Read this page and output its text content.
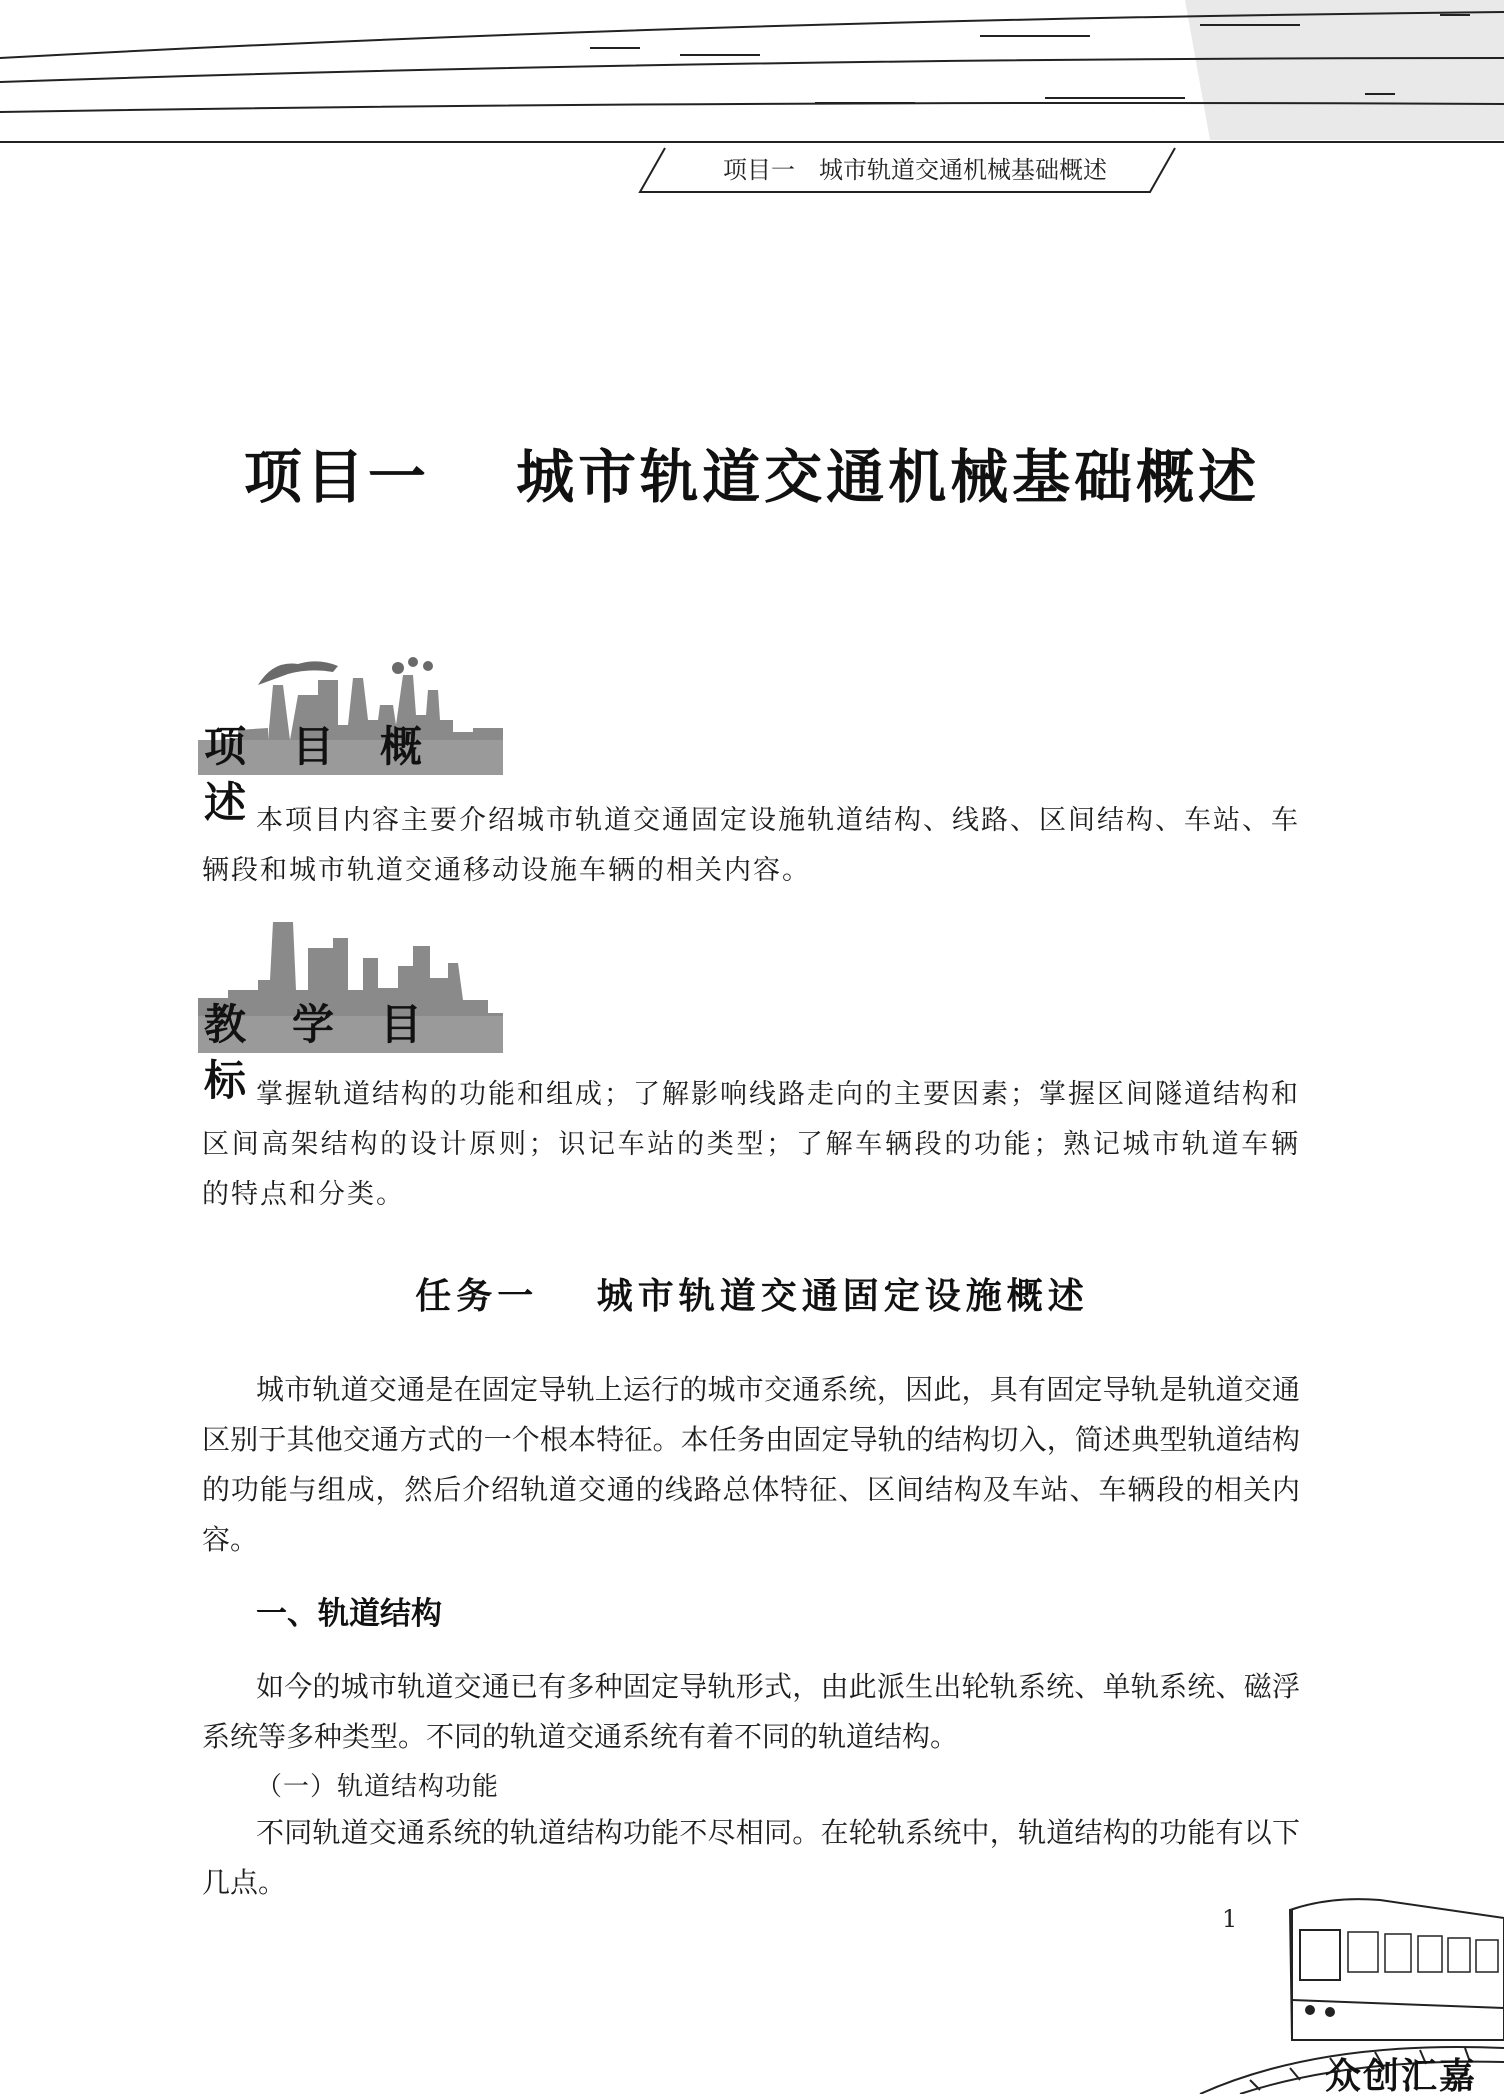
项目一　城市轨道交通机械基础概述
项目一　 城市轨道交通机械基础概述
项目概述
本项目内容主要介绍城市轨道交通固定设施轨道结构、线路、区间结构、车站、车辆段和城市轨道交通移动设施车辆的相关内容。
教学目标
掌握轨道结构的功能和组成；了解影响线路走向的主要因素；掌握区间隧道结构和区间高架结构的设计原则；识记车站的类型；了解车辆段的功能；熟记城市轨道车辆的特点和分类。
任务一　 城市轨道交通固定设施概述
城市轨道交通是在固定导轨上运行的城市交通系统，因此，具有固定导轨是轨道交通区别于其他交通方式的一个根本特征。本任务由固定导轨的结构切入，简述典型轨道结构的功能与组成，然后介绍轨道交通的线路总体特征、区间结构及车站、车辆段的相关内容。
一、轨道结构
如今的城市轨道交通已有多种固定导轨形式，由此派生出轮轨系统、单轨系统、磁浮系统等多种类型。不同的轨道交通系统有着不同的轨道结构。
（一）轨道结构功能
不同轨道交通系统的轨道结构功能不尽相同。在轮轨系统中，轨道结构的功能有以下几点。
1
众创汇嘉
